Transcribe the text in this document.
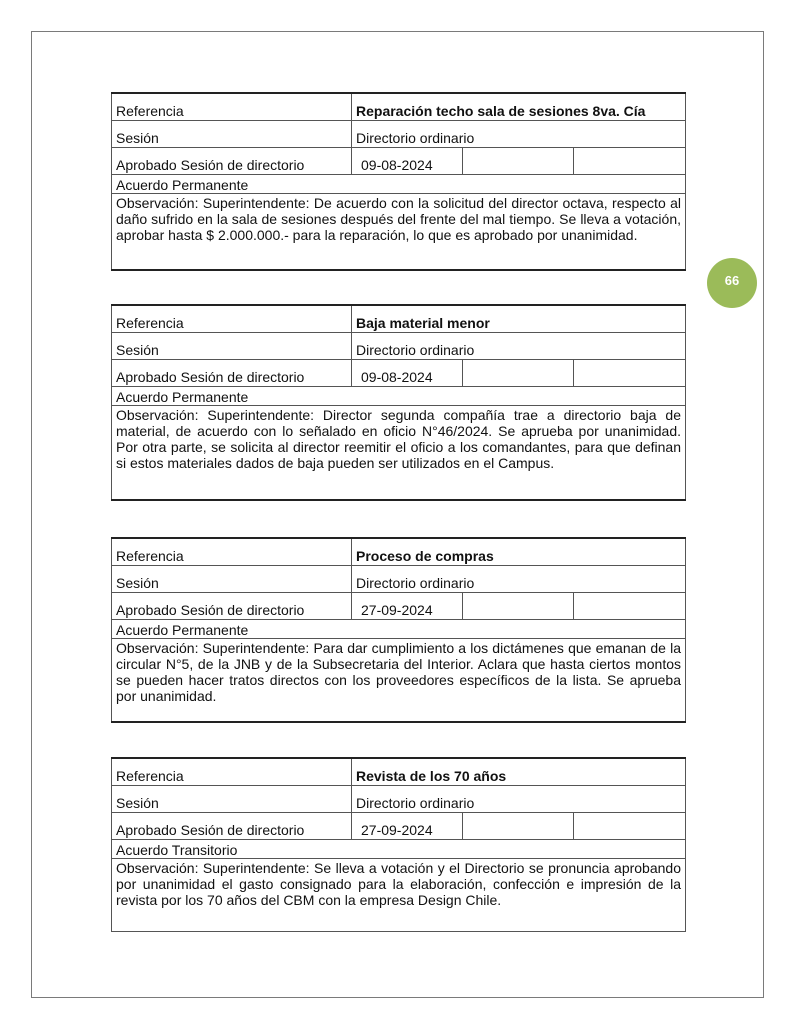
66
Referencia	Reparación techo sala de sesiones 8va. Cía		
Sesión	Directorio ordinario		
Aprobado Sesión de directorio	09-08-2024		
Acuerdo Permanente			
Observación: Superintendente: De acuerdo con la solicitud del director octava, respecto al daño sufrido en la sala de sesiones después del frente del mal tiempo. Se lleva a votación, aprobar hasta $ 2.000.000.- para la reparación, lo que es aprobado por unanimidad.			
Referencia	Baja material menor		
Sesión	Directorio ordinario		
Aprobado Sesión de directorio	09-08-2024		
Acuerdo Permanente			
Observación: Superintendente: Director segunda compañía trae a directorio baja de material, de acuerdo con lo señalado en oficio N°46/2024. Se aprueba por unanimidad. Por otra parte, se solicita al director reemitir el oficio a los comandantes, para que definan si estos materiales dados de baja pueden ser utilizados en el Campus.			
Referencia	Proceso de compras		
Sesión	Directorio ordinario		
Aprobado Sesión de directorio	27-09-2024		
Acuerdo Permanente			
Observación: Superintendente: Para dar cumplimiento a los dictámenes que emanan de la circular N°5, de la JNB y de la Subsecretaria del Interior. Aclara que hasta ciertos montos se pueden hacer tratos directos con los proveedores específicos de la lista. Se aprueba por unanimidad.			
Referencia	Revista de los 70 años		
Sesión	Directorio ordinario		
Aprobado Sesión de directorio	27-09-2024		
Acuerdo Transitorio			
Observación: Superintendente: Se lleva a votación y el Directorio se pronuncia aprobando por unanimidad el gasto consignado para la elaboración, confección e impresión de la revista por los 70 años del CBM con la empresa Design Chile.			
